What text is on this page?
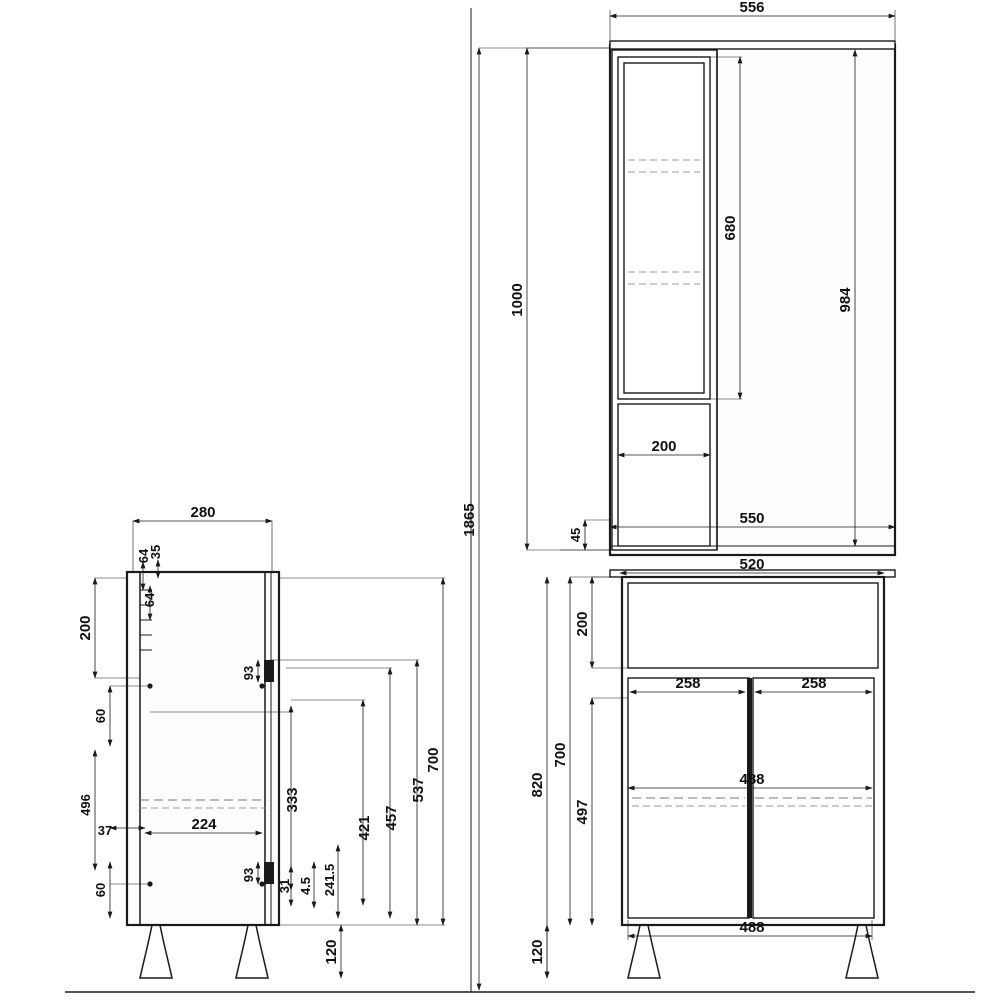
556
1865
1000
680
984
200
550
45
520
200
258	258
488
488
700
820
497
120
280
35
64
64
200
93
93
60
60
496
37	224
333
421 457
537
700
31 4.5 241.5
120
